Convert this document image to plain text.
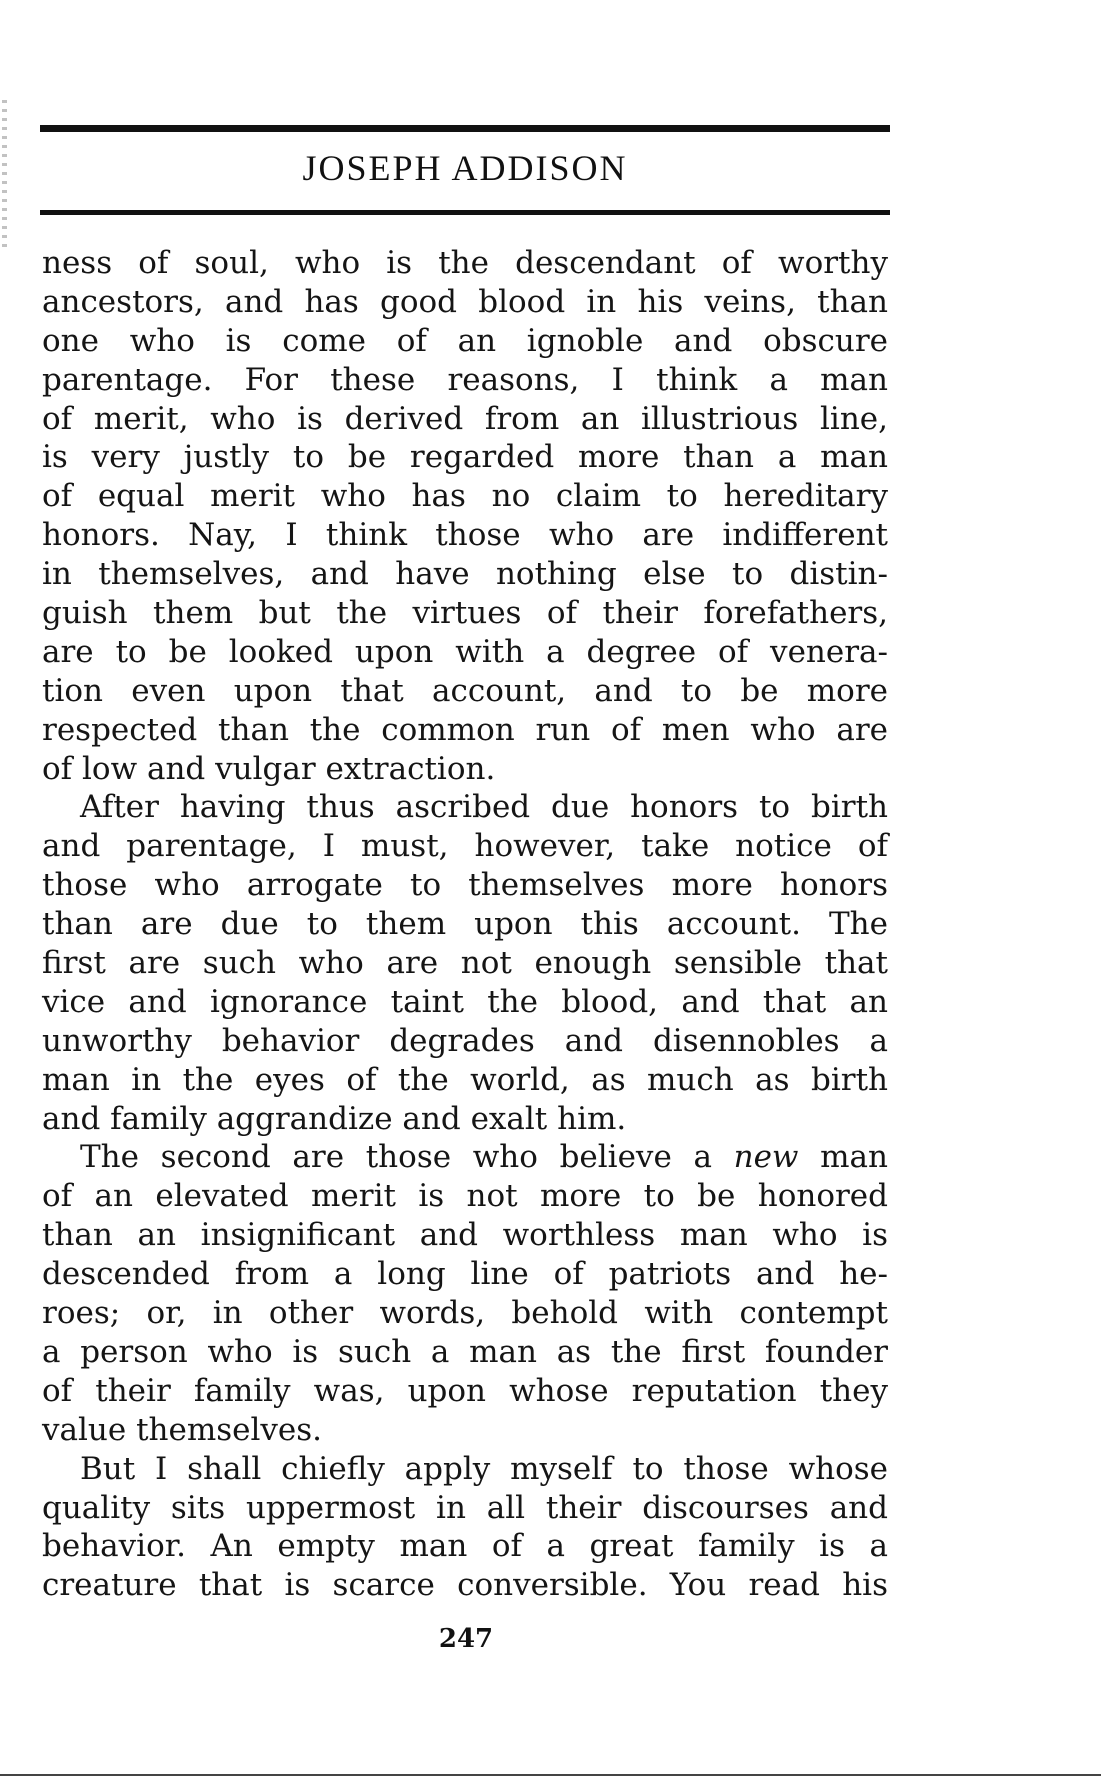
JOSEPH ADDISON
ness of soul, who is the descendant of worthy
ancestors, and has good blood in his veins, than
one who is come of an ignoble and obscure
parentage. For these reasons, I think a man
of merit, who is derived from an illustrious line,
is very justly to be regarded more than a man
of equal merit who has no claim to hereditary
honors. Nay, I think those who are indifferent
in themselves, and have nothing else to distin-
guish them but the virtues of their forefathers,
are to be looked upon with a degree of venera-
tion even upon that account, and to be more
respected than the common run of men who are
of low and vulgar extraction.
After having thus ascribed due honors to birth
and parentage, I must, however, take notice of
those who arrogate to themselves more honors
than are due to them upon this account. The
first are such who are not enough sensible that
vice and ignorance taint the blood, and that an
unworthy behavior degrades and disennobles a
man in the eyes of the world, as much as birth
and family aggrandize and exalt him.
The second are those who believe a new man
of an elevated merit is not more to be honored
than an insignificant and worthless man who is
descended from a long line of patriots and he-
roes; or, in other words, behold with contempt
a person who is such a man as the first founder
of their family was, upon whose reputation they
value themselves.
But I shall chiefly apply myself to those whose
quality sits uppermost in all their discourses and
behavior. An empty man of a great family is a
creature that is scarce conversible. You read his
247
